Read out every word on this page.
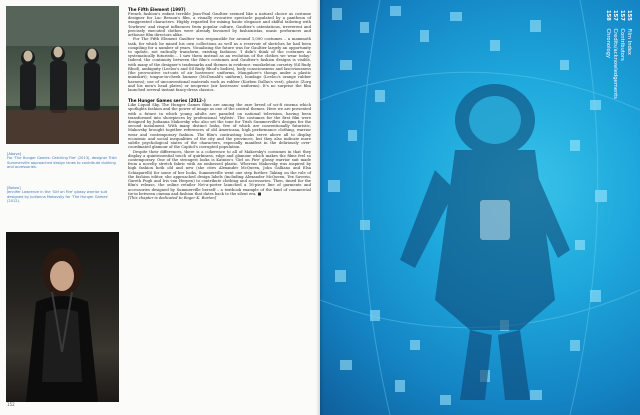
[Above]
For 'The Hunger Games: Catching Fire' (2013), designer Trish Summerville approached design lanes to contribute clothing and accessories.
[Below]
Jennifer Lawrence in the 'Girl on Fire' glossy warrior suit designed by Judianna Makovsky for 'The Hunger Games' (2012).

The Fifth Element (1997)

French fashion's enfant terrible Jean-Paul Gaultier seemed like a natural choice as costume designer for Luc Besson's film, a visually evocative spectacle populated by a pantheon of exaggerated characters. Highly regarded for mixing haute elegance and skilful tailoring with 'lowbrow' and risqué influences from popular culture, Gaultier's ostentatious, irreverent and precisely executed clothes were already favoured by fashionistas, music performers and arthouse film directors alike.

For The Fifth Element Gaultier was responsible for around 1,000 costumes – a mammoth task, for which he mined his own collections as well as a reservoir of sketches he had been compiling for a number of years. Visualising the future was for Gaultier largely an opportunity to update, not radically transform, existing fashions: 'I didn't think of the costumes as systematically futuristic... I saw them instead as an evolution of the clothes we wear today.' Indeed, the continuity between the film's costumes and Gaultier's fashion designs is visible, with many of the designer's trademarks and themes in evidence: exoskeleton corsetry (Sil Rudy Rhod), ambiguity (Leeloo's and Sil Rudy Rhod's bodies), body consciousness and lasciviousness (the provocative cut-outs of air hostesses' uniforms, Mangalore's thongs under a plastic miniskirt); tongue-in-cheek humour (McDonald's uniform), bondage (Leeloo's orange rubber harness); use of unconventional materials such as rubber (Korben Dallas's vest), plastic (Zorg and his men's head plates) or neoprene (air hostesses' uniforms). It's no surprise the film launched several instant fancy-dress classics.

The Hunger Games series (2012–)

Like Liquid Sky, The Hunger Games films are among the rare breed of sci-fi cinema which spotlights fashion and the power of image as one of the central themes. Here we are presented with a future in which young adults are paraded on national television, having been transformed into showpieces by professional 'stylists'. The costumes for the first film were designed by Judianna Makovsky who also set the tone for Trish Summerville's designs for the second instalment. With many distinct looks, few of which are conventionally futuristic, Makovsky brought together references of old Americana, high performance clothing, warrior wear and contemporary fashion. The film's contrasting looks serve above all to display economic and social inequalities of the city and the provinces, but they also indicate more subtle psychological states of the characters, especially manifest in the deliriously over-coordinated glamour of the Capitol's corrupted population.

Despite their differences, there is a coherence to all of Makovsky's costumes in that they display a quintessential touch of quirkiness, edge and glamour which makes the films feel so contemporary. One of the strongest looks is Katniss's 'Girl on Fire' glossy warrior suit made from a novelty stretch fabric with an embossed plastic. Whereas Makovsky was inspired by high fashion both old and new (she cites Alexander McQueen, John Galliano and Elsa Schiaparelli) for some of her looks, Summerville went one step further. Taking on the role of the fashion editor, she approached design labels (including Alexander McQueen, Tex Saverio, Gareth Pugh and Iris van Herpen) to contribute clothing and accessories. Then, timed for the film's release, the online retailer Net-a-porter launched a 16-piece line of garments and accessories designed by Summerville herself – a textbook example of the kind of commercial tie-in between cinema and fashion that dates back to the silent era. ■

[This chapter is dedicated to Roger K. Burton]

152
155 Film Index
157 Contributors
157 Credits/acknowledgements
158 Chronology
